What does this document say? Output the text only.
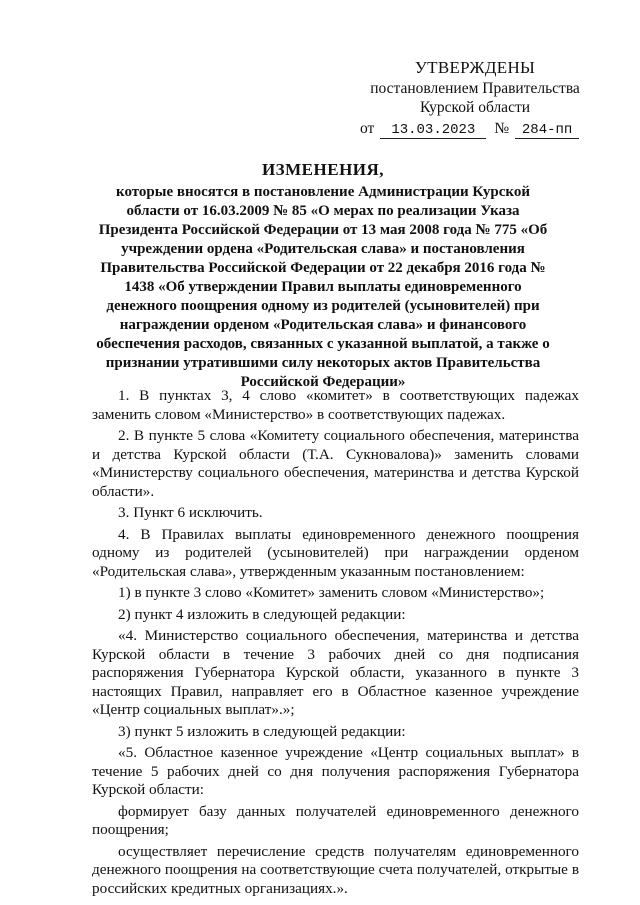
УТВЕРЖДЕНЫ
постановлением Правительства
Курской области
от	13.03.2023	№ 284-пп
ИЗМЕНЕНИЯ,
которые вносятся в постановление Администрации Курской области от 16.03.2009 № 85 «О мерах по реализации Указа Президента Российской Федерации от 13 мая 2008 года № 775 «Об учреждении ордена «Родительская слава» и постановления Правительства Российской Федерации от 22 декабря 2016 года № 1438 «Об утверждении Правил выплаты единовременного денежного поощрения одному из родителей (усыновителей) при награждении орденом «Родительская слава» и финансового обеспечения расходов, связанных с указанной выплатой, а также о признании утратившими силу некоторых актов Правительства Российской Федерации»

1. В пунктах 3, 4 слово «комитет» в соответствующих падежах заменить словом «Министерство» в соответствующих падежах.

2. В пункте 5 слова «Комитету социального обеспечения, материнства и детства Курской области (Т.А. Сукновалова)» заменить словами «Министерству социального обеспечения, материнства и детства Курской области».

3. Пункт 6 исключить.

4. В Правилах выплаты единовременного денежного поощрения одному из родителей (усыновителей) при награждении орденом «Родительская слава», утвержденным указанным постановлением:

1) в пункте 3 слово «Комитет» заменить словом «Министерство»;

2) пункт 4 изложить в следующей редакции:

«4. Министерство социального обеспечения, материнства и детства Курской области в течение 3 рабочих дней со дня подписания распоряжения Губернатора Курской области, указанного в пункте 3 настоящих Правил, направляет его в Областное казенное учреждение «Центр социальных выплат».»;

3) пункт 5 изложить в следующей редакции:

«5. Областное казенное учреждение «Центр социальных выплат» в течение 5 рабочих дней со дня получения распоряжения Губернатора Курской области:

формирует базу данных получателей единовременного денежного поощрения;

осуществляет перечисление средств получателям единовременного денежного поощрения на соответствующие счета получателей, открытые в российских кредитных организациях.».
